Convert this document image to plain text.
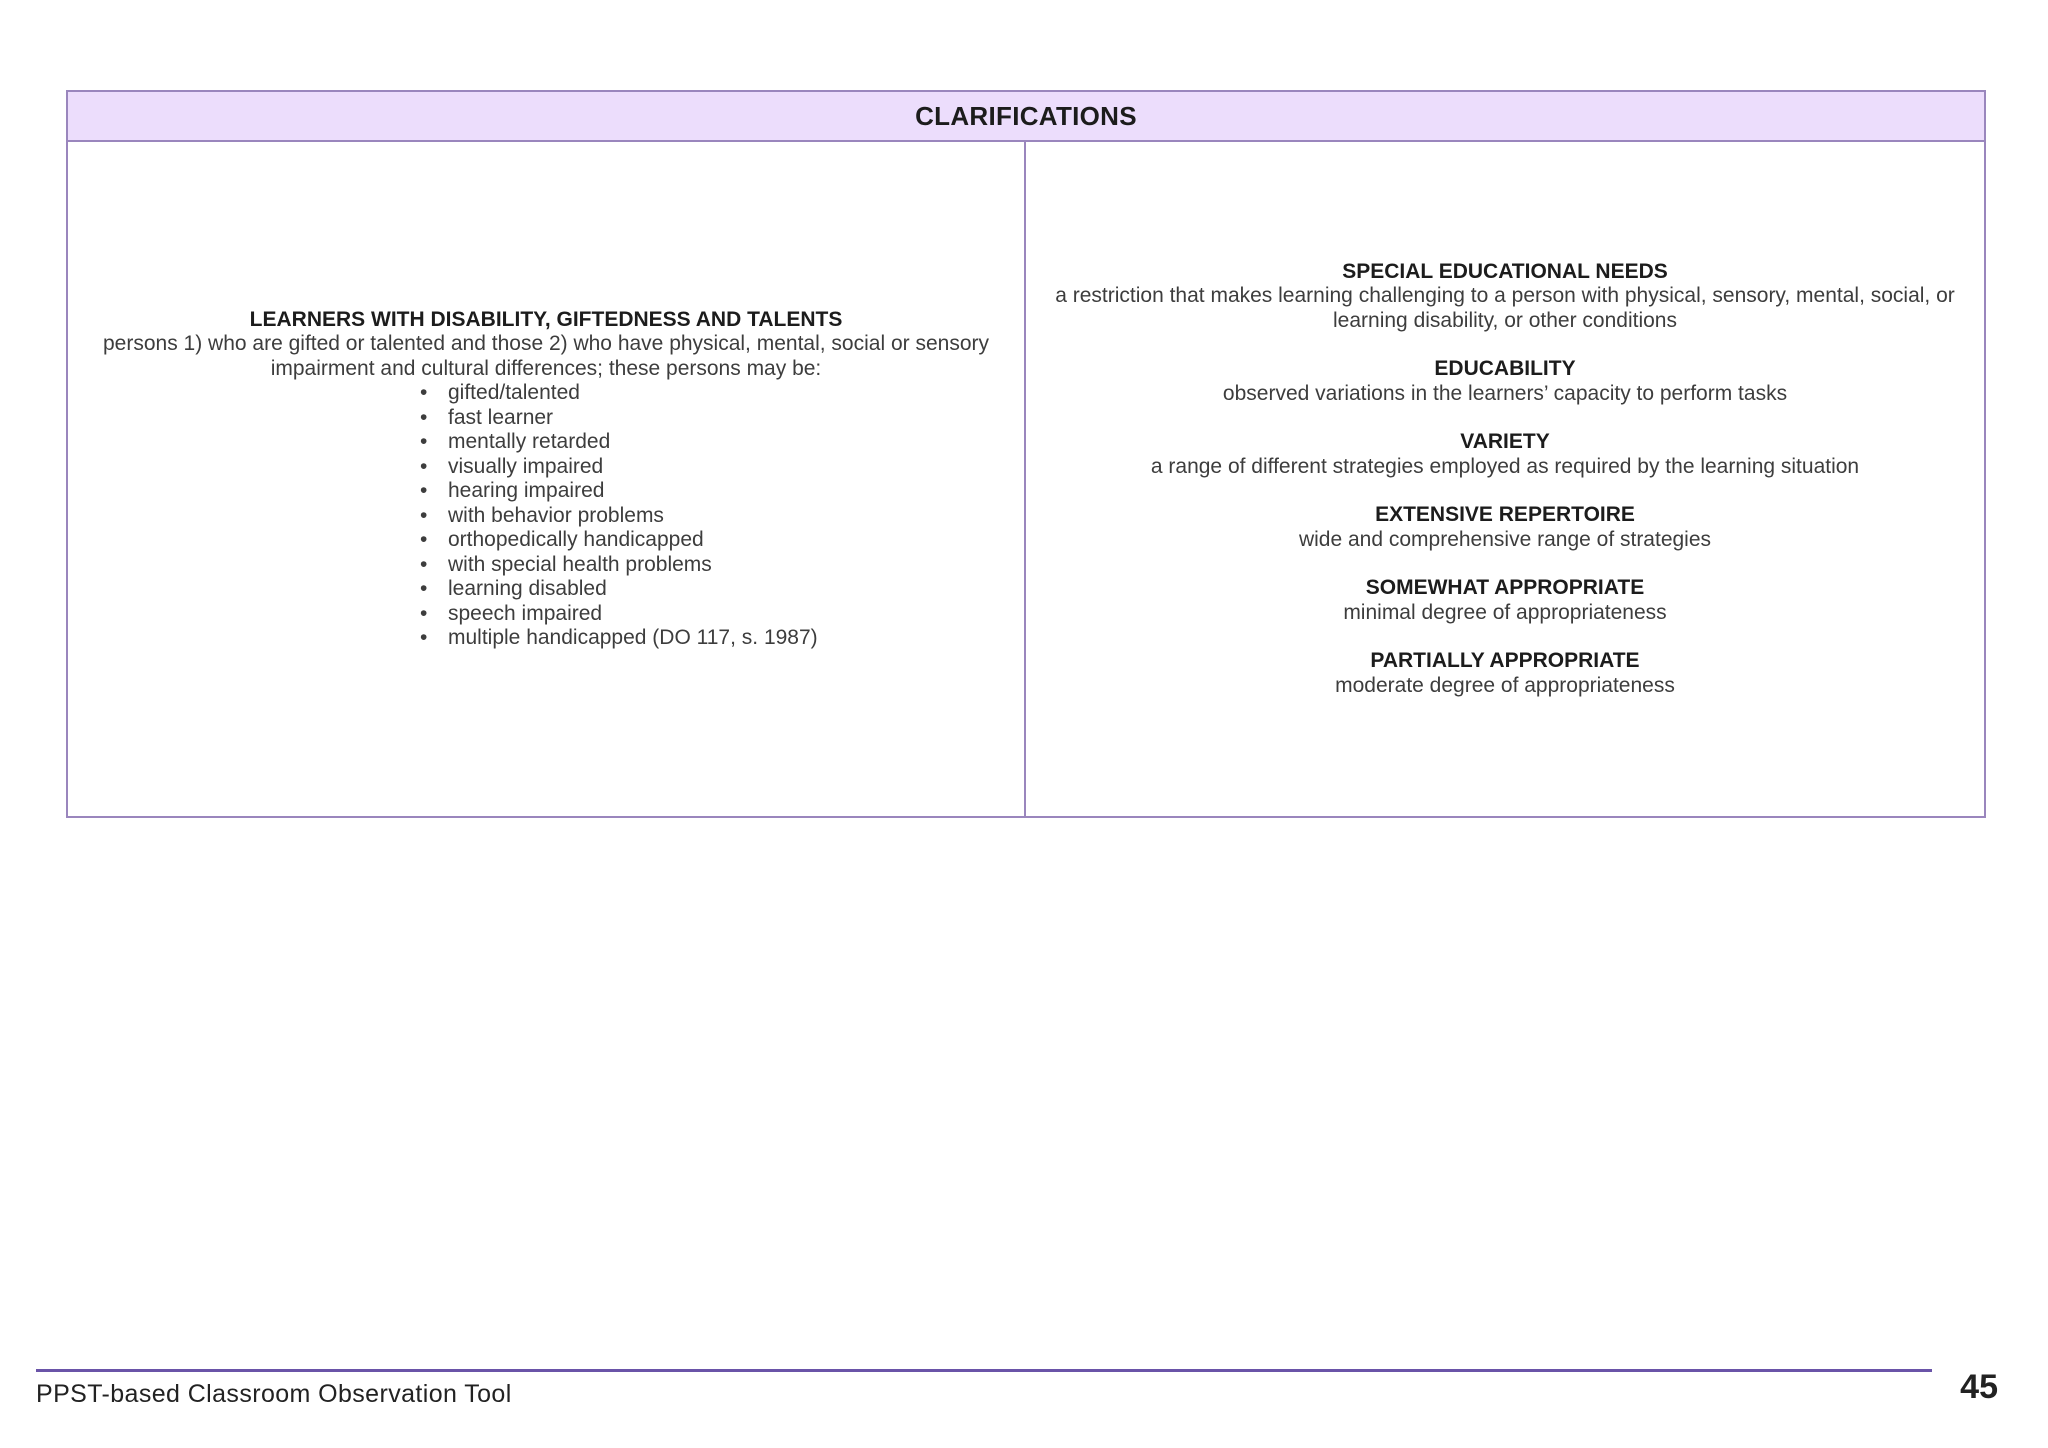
CLARIFICATIONS
LEARNERS WITH DISABILITY, GIFTEDNESS AND TALENTS
persons 1) who are gifted or talented and those 2) who have physical, mental, social or sensory impairment and cultural differences; these persons may be:
• gifted/talented
• fast learner
• mentally retarded
• visually impaired
• hearing impaired
• with behavior problems
• orthopedically handicapped
• with special health problems
• learning disabled
• speech impaired
• multiple handicapped (DO 117, s. 1987)
SPECIAL EDUCATIONAL NEEDS
a restriction that makes learning challenging to a person with physical, sensory, mental, social, or learning disability, or other conditions
EDUCABILITY
observed variations in the learners’ capacity to perform tasks
VARIETY
a range of different strategies employed as required by the learning situation
EXTENSIVE REPERTOIRE
wide and comprehensive range of strategies
SOMEWHAT APPROPRIATE
minimal degree of appropriateness
PARTIALLY APPROPRIATE
moderate degree of appropriateness
PPST-based Classroom Observation Tool	45
